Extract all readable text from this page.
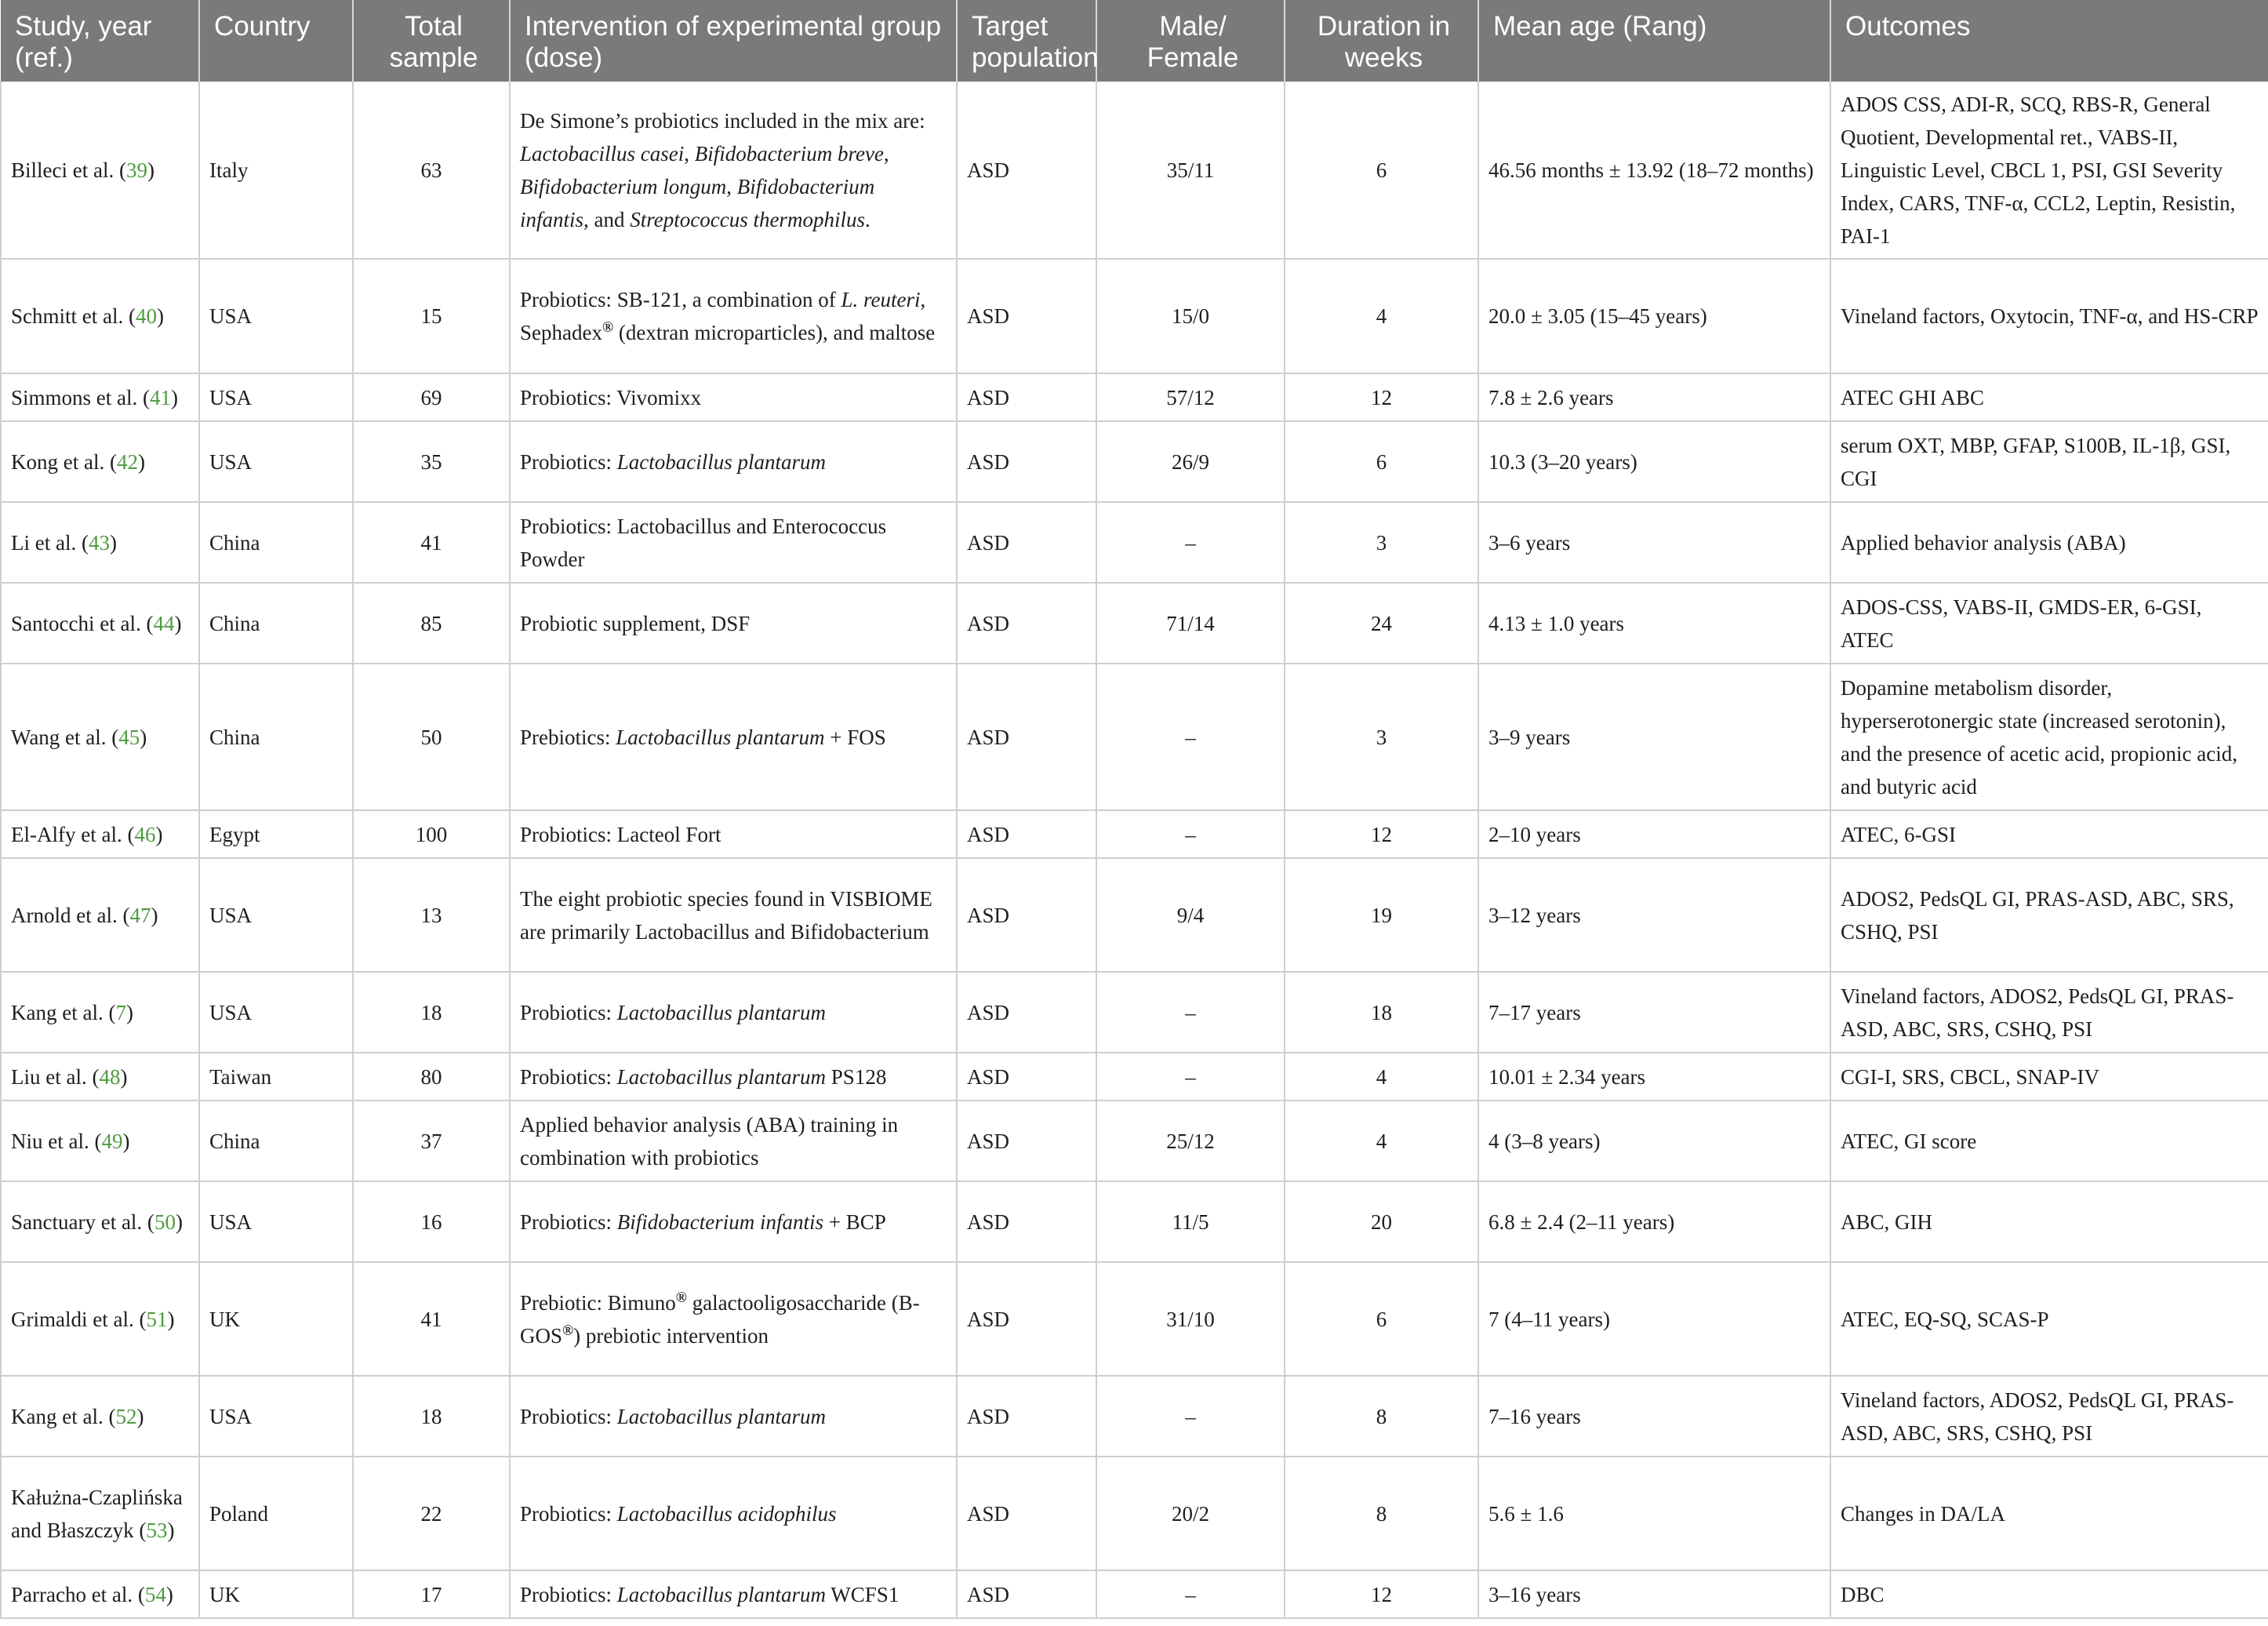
Study, year (ref.)	Country	Total sample	Intervention of experimental group (dose)	Target population	Male/ Female	Duration in weeks	Mean age (Rang)	Outcomes
Billeci et al. (39)	Italy	63	De Simone’s probiotics included in the mix are: Lactobacillus casei, Bifidobacterium breve, Bifidobacterium longum, Bifidobacterium infantis, and Streptococcus thermophilus.	ASD	35/11	6	46.56 months ± 13.92 (18–72 months)	ADOS CSS, ADI-R, SCQ, RBS-R, General Quotient, Developmental ret., VABS-II, Linguistic Level, CBCL 1, PSI, GSI Severity Index, CARS, TNF-α, CCL2, Leptin, Resistin, PAI-1
Schmitt et al. (40)	USA	15	Probiotics: SB-121, a combination of L. reuteri, Sephadex® (dextran microparticles), and maltose	ASD	15/0	4	20.0 ± 3.05 (15–45 years)	Vineland factors, Oxytocin, TNF-α, and HS-CRP
Simmons et al. (41)	USA	69	Probiotics: Vivomixx	ASD	57/12	12	7.8 ± 2.6 years	ATEC GHI ABC
Kong et al. (42)	USA	35	Probiotics: Lactobacillus plantarum	ASD	26/9	6	10.3 (3–20 years)	serum OXT, MBP, GFAP, S100B, IL-1β, GSI, CGI
Li et al. (43)	China	41	Probiotics: Lactobacillus and Enterococcus Powder	ASD	–	3	3–6 years	Applied behavior analysis (ABA)
Santocchi et al. (44)	China	85	Probiotic supplement, DSF	ASD	71/14	24	4.13 ± 1.0 years	ADOS-CSS, VABS-II, GMDS-ER, 6-GSI, ATEC
Wang et al. (45)	China	50	Prebiotics: Lactobacillus plantarum + FOS	ASD	–	3	3–9 years	Dopamine metabolism disorder, hyperserotonergic state (increased serotonin), and the presence of acetic acid, propionic acid, and butyric acid
El-Alfy et al. (46)	Egypt	100	Probiotics: Lacteol Fort	ASD	–	12	2–10 years	ATEC, 6-GSI
Arnold et al. (47)	USA	13	The eight probiotic species found in VISBIOME are primarily Lactobacillus and Bifidobacterium	ASD	9/4	19	3–12 years	ADOS2, PedsQL GI, PRAS-ASD, ABC, SRS, CSHQ, PSI
Kang et al. (7)	USA	18	Probiotics: Lactobacillus plantarum	ASD	–	18	7–17 years	Vineland factors, ADOS2, PedsQL GI, PRAS-ASD, ABC, SRS, CSHQ, PSI
Liu et al. (48)	Taiwan	80	Probiotics: Lactobacillus plantarum PS128	ASD	–	4	10.01 ± 2.34 years	CGI-I, SRS, CBCL, SNAP-IV
Niu et al. (49)	China	37	Applied behavior analysis (ABA) training in combination with probiotics	ASD	25/12	4	4 (3–8 years)	ATEC, GI score
Sanctuary et al. (50)	USA	16	Probiotics: Bifidobacterium infantis + BCP	ASD	11/5	20	6.8 ± 2.4 (2–11 years)	ABC, GIH
Grimaldi et al. (51)	UK	41	Prebiotic: Bimuno® galactooligosaccharide (B-GOS®) prebiotic intervention	ASD	31/10	6	7 (4–11 years)	ATEC, EQ-SQ, SCAS-P
Kang et al. (52)	USA	18	Probiotics: Lactobacillus plantarum	ASD	–	8	7–16 years	Vineland factors, ADOS2, PedsQL GI, PRAS-ASD, ABC, SRS, CSHQ, PSI
Kałużna-Czaplińska and Błaszczyk (53)	Poland	22	Probiotics: Lactobacillus acidophilus	ASD	20/2	8	5.6 ± 1.6	Changes in DA/LA
Parracho et al. (54)	UK	17	Probiotics: Lactobacillus plantarum WCFS1	ASD	–	12	3–16 years	DBC
